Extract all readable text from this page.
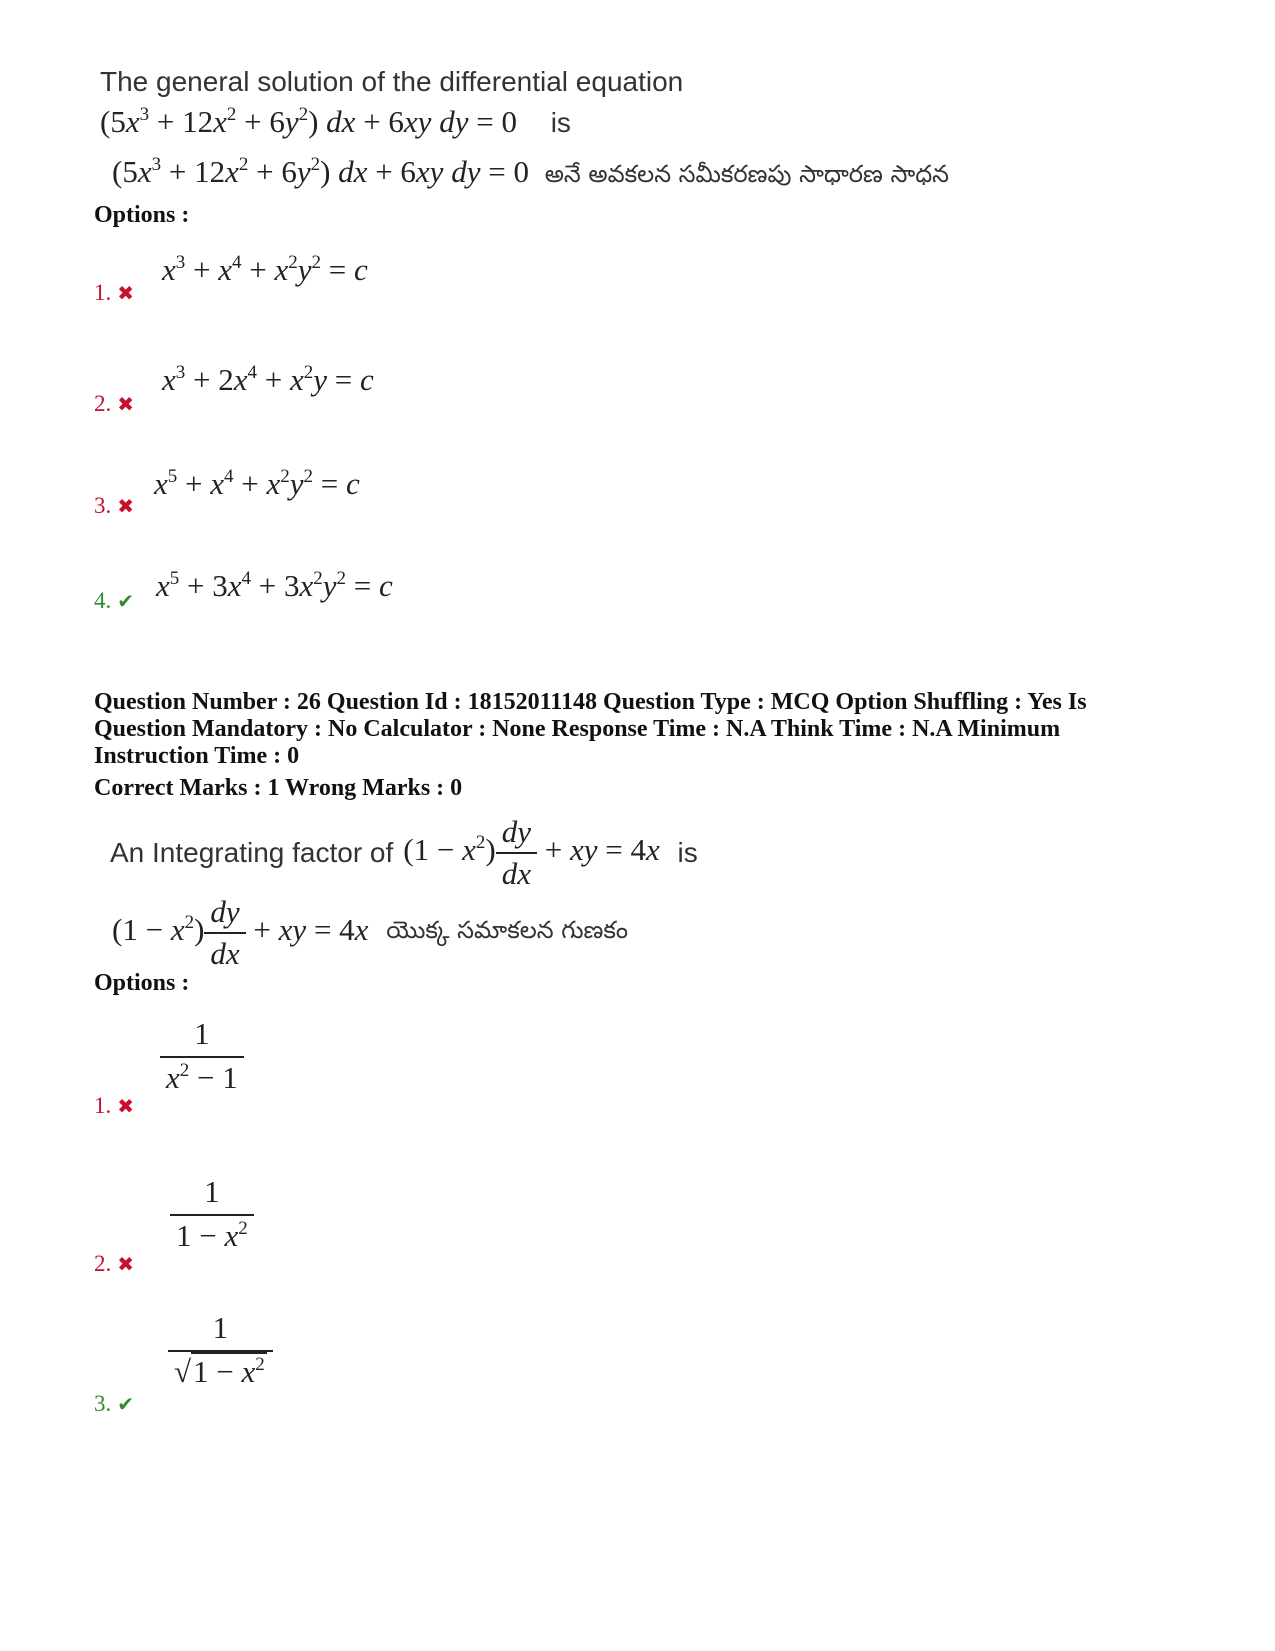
The general solution of the differential equation
$(5x^3 + 12x^2 + 6y^2)$ dx + 6xy dy = 0 is
$(5x^3 + 12x^2 + 6y^2)$ dx + 6xy dy = 0 అనే అవకలన సమీకరణపు సాధారణ సాధన
Options :
1. ✖
$x^3 + x^4 + x^2y^2 = c$
2. ✖
$x^3 + 2x^4 + x^2y = c$
3. ✖
$x^5 + x^4 + x^2y^2 = c$
4. ✔ $x^5 + 3x^4 + 3x^2y^2 = c$
Question Number : 26 Question Id : 18152011148 Question Type : MCQ Option Shuffling : Yes Is
Question Mandatory : No Calculator : None Response Time : N.A Think Time : N.A Minimum
Instruction Time : 0
Correct Marks : 1 Wrong Marks : 0
An Integrating factor of $(1 - x^2) \frac{dy}{dx}$ + xy = 4x is
$(1 - x^2) \frac{dy}{dx}$ + xy = 4x యొక్క సమాకలన గుణకం
Options :
$\frac{1}{x^2 - 1}$
1. ✖
$\frac{1}{1 - x^2}$
2. ✖
$\frac{1}{√1 - x^2}$
3. ✔
